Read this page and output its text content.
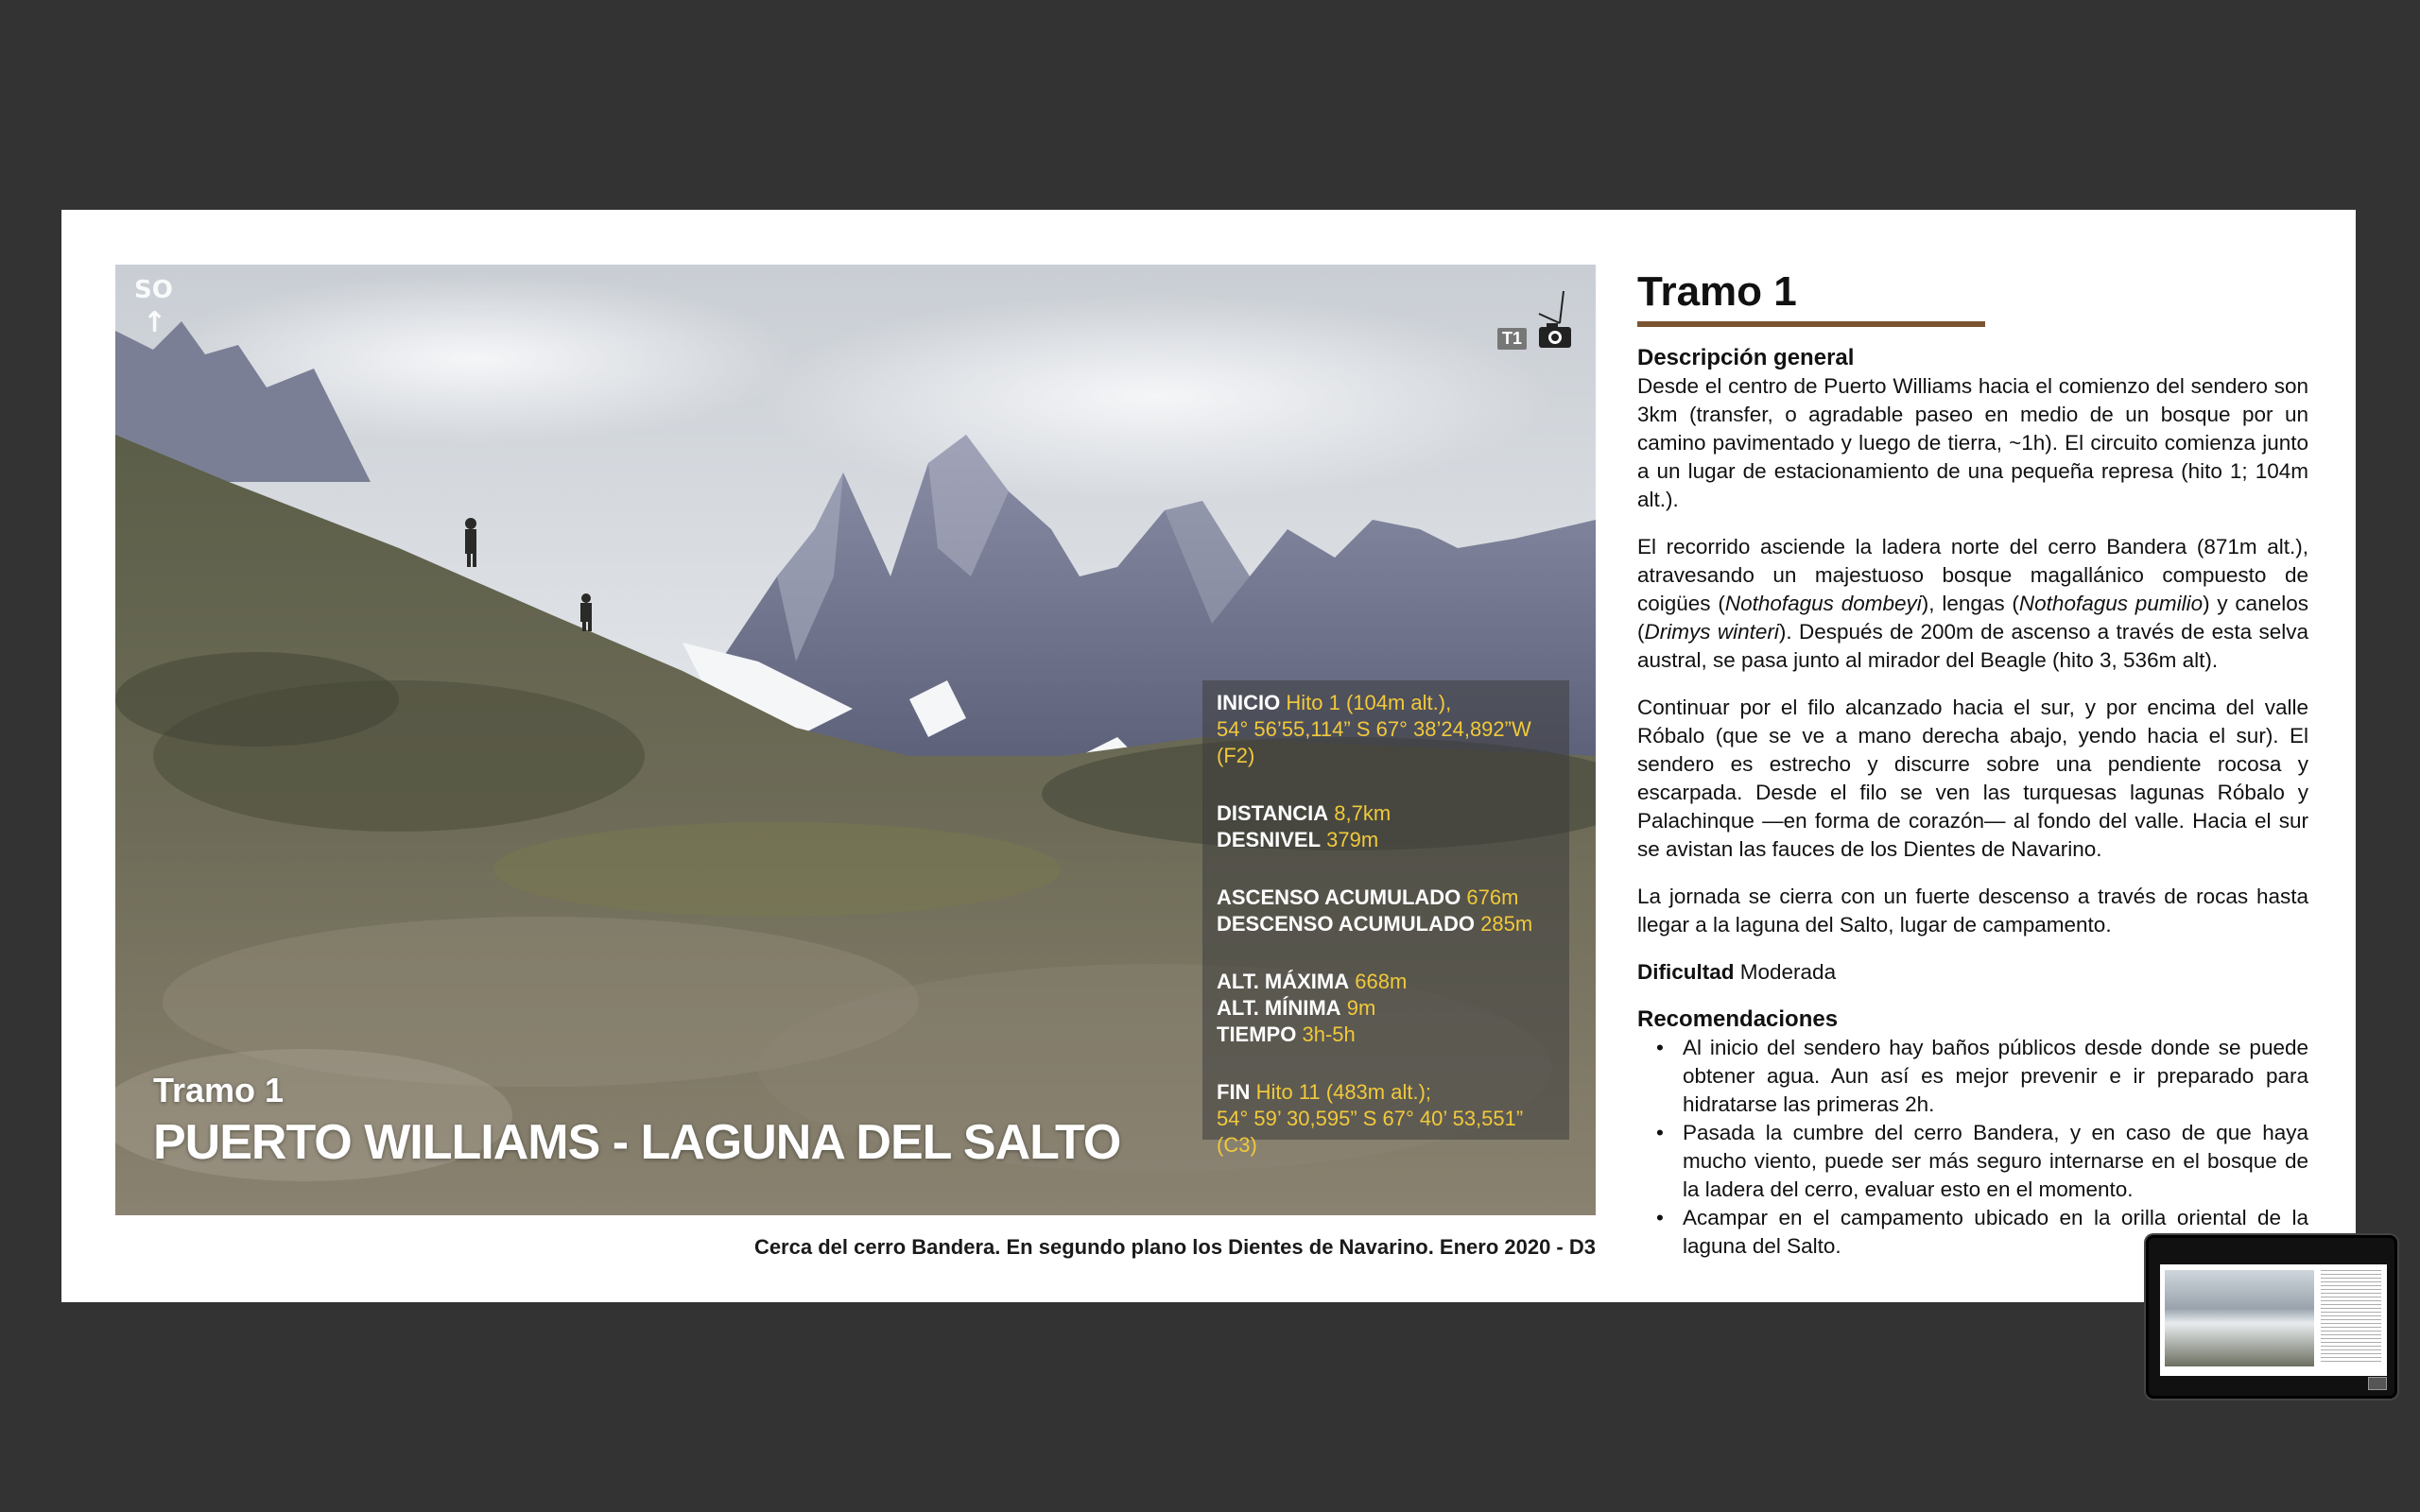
SO
↑	T1
INICIO Hito 1 (104m alt.),
54° 56’55,114” S 67° 38’24,892”W (F2)
DISTANCIA 8,7km
DESNIVEL 379m
ASCENSO ACUMULADO 676m
DESCENSO ACUMULADO 285m
ALT. MÁXIMA 668m
ALT. MÍNIMA 9m
TIEMPO 3h-5h
FIN Hito 11 (483m alt.);
54° 59’ 30,595” S 67° 40’ 53,551” (C3)
Tramo 1
PUERTO WILLIAMS - LAGUNA DEL SALTO
Cerca del cerro Bandera. En segundo plano los Dientes de Navarino. Enero 2020 - D3
Tramo 1
Descripción general

Desde el centro de Puerto Williams hacia el comienzo del sendero son 3km (transfer, o agradable paseo en medio de un bosque por un camino pavimentado y luego de tierra, ~1h). El circuito comienza junto a un lugar de estacionamiento de una pequeña represa (hito 1; 104m alt.).

El recorrido asciende la ladera norte del cerro Bandera (871m alt.), atravesando un majestuoso bosque magallánico compuesto de coigües (Nothofagus dombeyi), lengas (Nothofagus pumilio) y canelos (Drimys winteri). Después de 200m de ascenso a través de esta selva austral, se pasa junto al mirador del Beagle (hito 3, 536m alt).

Continuar por el filo alcanzado hacia el sur, y por encima del valle Róbalo (que se ve a mano derecha abajo, yendo hacia el sur). El sendero es estrecho y discurre sobre una pendiente rocosa y escarpada. Desde el filo se ven las turquesas lagunas Róbalo y Palachinque —en forma de corazón— al fondo del valle. Hacia el sur se avistan las fauces de los Dientes de Navarino.

La jornada se cierra con un fuerte descenso a través de rocas hasta llegar a la laguna del Salto, lugar de campamento.

Dificultad Moderada
Recomendaciones
• Al inicio del sendero hay baños públicos desde donde se puede obtener agua. Aun así es mejor prevenir e ir preparado para hidratarse las primeras 2h.
• Pasada la cumbre del cerro Bandera, y en caso de que haya mucho viento, puede ser más seguro internarse en el bosque de la ladera del cerro, evaluar esto en el momento.
• Acampar en el campamento ubicado en la orilla oriental de la laguna del Salto.
